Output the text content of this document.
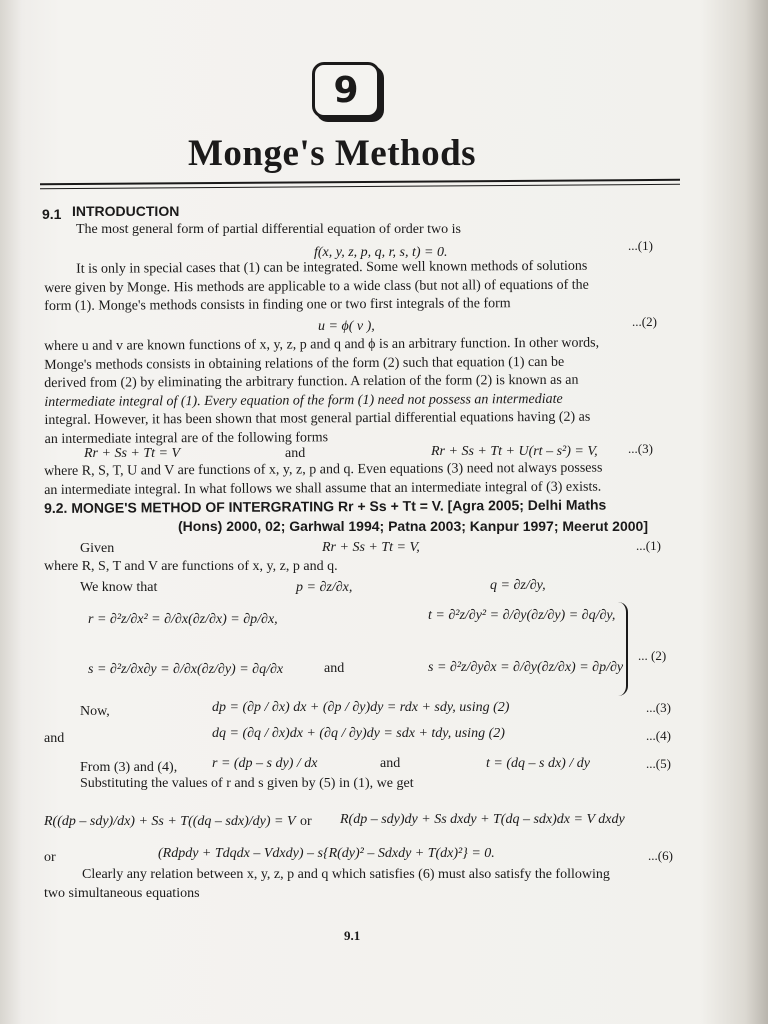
9
Monge's Methods
9.1 INTRODUCTION
The most general form of partial differential equation of order two is
f(x, y, z, p, q, r, s, t) = 0.	...(1)
It is only in special cases that (1) can be integrated. Some well known methods of solutions
were given by Monge. His methods are applicable to a wide class (but not all) of equations of the
form (1). Monge's methods consists in finding one or two first integrals of the form
u = ϕ( v ),	...(2)
where u and v are known functions of x, y, z, p and q and ϕ is an arbitrary function. In other words,
Monge's methods consists in obtaining relations of the form (2) such that equation (1) can be
derived from (2) by eliminating the arbitrary function. A relation of the form (2) is known as an
intermediate integral of (1). Every equation of the form (1) need not possess an intermediate
integral. However, it has been shown that most general partial differential equations having (2) as
an intermediate integral are of the following forms
Rr + Ss + Tt = V	and	Rr + Ss + Tt + U(rt – s²) = V, ...(3)
where R, S, T, U and V are functions of x, y, z, p and q. Even equations (3) need not always possess
an intermediate integral. In what follows we shall assume that an intermediate integral of (3) exists.
9.2. MONGE'S METHOD OF INTERGRATING Rr + Ss + Tt = V. [Agra 2005; Delhi Maths
(Hons) 2000, 02; Garhwal 1994; Patna 2003; Kanpur 1997; Meerut 2000]
Given	Rr + Ss + Tt = V,	...(1)
where R, S, T and V are functions of x, y, z, p and q.
We know that	p = ∂z/∂x,	q = ∂z/∂y,
r = ∂²z/∂x² = ∂/∂x(∂z/∂x) = ∂p/∂x,	t = ∂²z/∂y² = ∂/∂y(∂z/∂y) = ∂q/∂y,
s = ∂²z/∂x∂y = ∂/∂x(∂z/∂y) = ∂q/∂x	and	s = ∂²z/∂y∂x = ∂/∂y(∂z/∂x) = ∂p/∂y
... (2)
Now,	dp = (∂p / ∂x) dx + (∂p / ∂y)dy = rdx + sdy, using (2)	...(3)
and	dq = (∂q / ∂x)dx + (∂q / ∂y)dy = sdx + tdy, using (2)	...(4)
From (3) and (4), r = (dp – s dy) / dx	and	t = (dq – s dx) / dy	...(5)
Substituting the values of r and s given by (5) in (1), we get
R((dp – sdy)/dx) + Ss + T((dq – sdx)/dy) = V or R(dp – sdy)dy + Ss dxdy + T(dq – sdx)dx = V dxdy
or	(Rdpdy + Tdqdx – Vdxdy) – s{R(dy)² – Sdxdy + T(dx)²} = 0.	...(6)
Clearly any relation between x, y, z, p and q which satisfies (6) must also satisfy the following
two simultaneous equations
9.1
